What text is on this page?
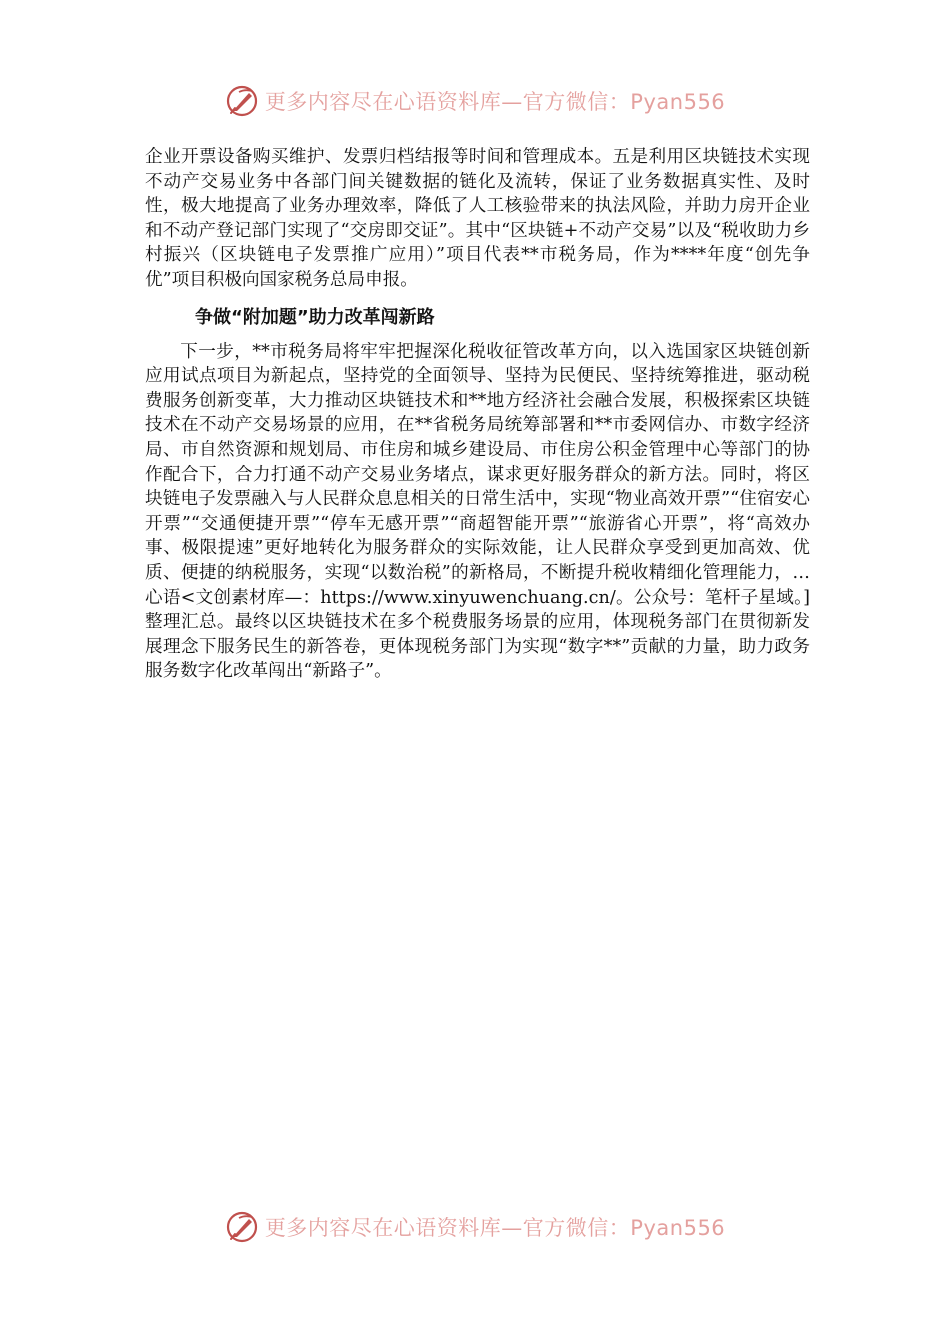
更多内容尽在心语资料库—官方微信：Pyan556

企业开票设备购买维护、发票归档结报等时间和管理成本。五是利用区块链技术实现不动产交易业务中各部门间关键数据的链化及流转，保证了业务数据真实性、及时性，极大地提高了业务办理效率，降低了人工核验带来的执法风险，并助力房开企业和不动产登记部门实现了“交房即交证”。其中“区块链+不动产交易”以及“税收助力乡村振兴（区块链电子发票推广应用）”项目代表**市税务局，作为****年度“创先争优”项目积极向国家税务总局申报。

争做“附加题”助力改革闯新路

下一步，**市税务局将牢牢把握深化税收征管改革方向，以入选国家区块链创新应用试点项目为新起点，坚持党的全面领导、坚持为民便民、坚持统筹推进，驱动税费服务创新变革，大力推动区块链技术和**地方经济社会融合发展，积极探索区块链技术在不动产交易场景的应用，在**省税务局统筹部署和**市委网信办、市数字经济局、市自然资源和规划局、市住房和城乡建设局、市住房公积金管理中心等部门的协作配合下，合力打通不动产交易业务堵点，谋求更好服务群众的新方法。同时，将区块链电子发票融入与人民群众息息相关的日常生活中，实现“物业高效开票”“住宿安心开票”“交通便捷开票”“停车无感开票”“商超智能开票”“旅游省心开票”，将“高效办事、极限提速”更好地转化为服务群众的实际效能，让人民群众享受到更加高效、优质、便捷的纳税服务，实现“以数治税”的新格局，不断提升税收精细化管理能力，…心语<文创素材库—：https://www.xinyuwenchuang.cn/。公众号：笔杆子星域。]整理汇总。最终以区块链技术在多个税费服务场景的应用，体现税务部门在贯彻新发展理念下服务民生的新答卷，更体现税务部门为实现“数字**”贡献的力量，助力政务服务数字化改革闯出“新路子”。

更多内容尽在心语资料库—官方微信：Pyan556
